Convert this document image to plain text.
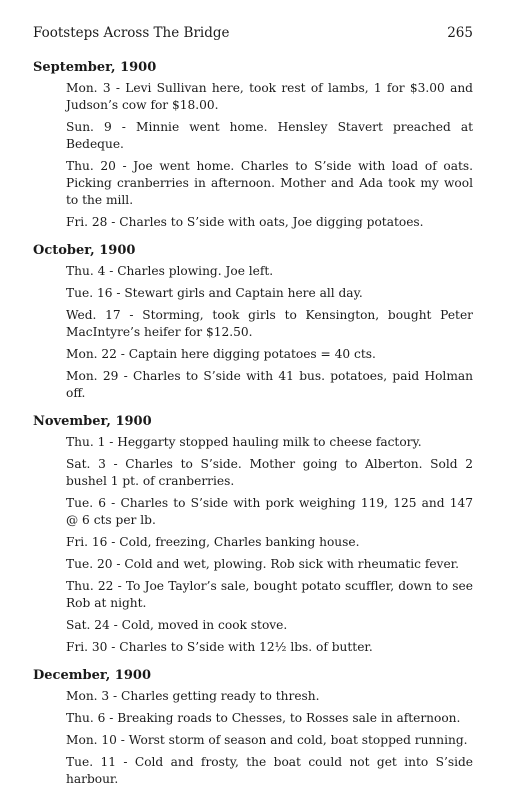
Footsteps Across The Bridge	265
September, 1900
Mon. 3 - Levi Sullivan here, took rest of lambs, 1 for $3.00 and Judson’s cow for $18.00.
Sun. 9 - Minnie went home. Hensley Stavert preached at Bedeque.
Thu. 20 - Joe went home. Charles to S’side with load of oats. Picking cranberries in afternoon. Mother and Ada took my wool to the mill.
Fri. 28 - Charles to S’side with oats, Joe digging potatoes.
October, 1900
Thu. 4 - Charles plowing. Joe left.
Tue. 16 - Stewart girls and Captain here all day.
Wed. 17 - Storming, took girls to Kensington, bought Peter MacIntyre’s heifer for $12.50.
Mon. 22 - Captain here digging potatoes = 40 cts.
Mon. 29 - Charles to S’side with 41 bus. potatoes, paid Holman off.
November, 1900
Thu. 1 - Heggarty stopped hauling milk to cheese factory.
Sat. 3 - Charles to S’side. Mother going to Alberton. Sold 2 bushel 1 pt. of cranberries.
Tue. 6 - Charles to S’side with pork weighing 119, 125 and 147 @ 6 cts per lb.
Fri. 16 - Cold, freezing, Charles banking house.
Tue. 20 - Cold and wet, plowing. Rob sick with rheumatic fever.
Thu. 22 - To Joe Taylor’s sale, bought potato scuffler, down to see Rob at night.
Sat. 24 - Cold, moved in cook stove.
Fri. 30 - Charles to S’side with 12½ lbs. of butter.
December, 1900
Mon. 3 - Charles getting ready to thresh.
Thu. 6 - Breaking roads to Chesses, to Rosses sale in afternoon.
Mon. 10 - Worst storm of season and cold, boat stopped running.
Tue. 11 - Cold and frosty, the boat could not get into S’side harbour.
